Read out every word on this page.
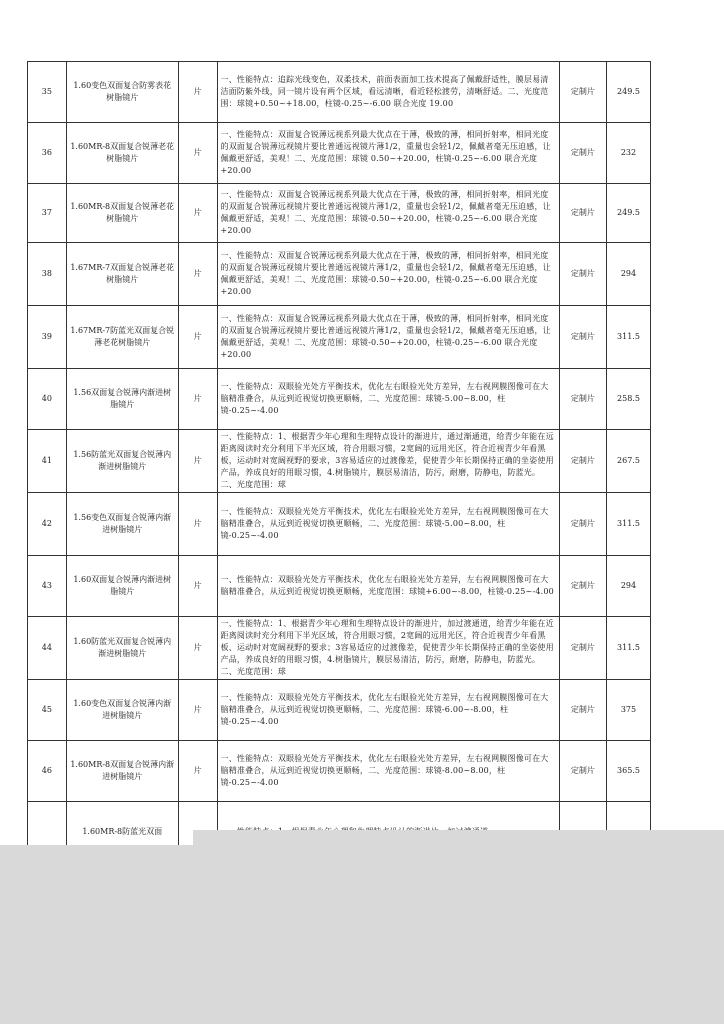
35	1.60变色双面复合防雾表花树脂镜片	片	一、性能特点：追踪光线变色，双柔技术，前面表面加工技术提高了佩戴舒适性，膜层易清洁面防紫外线，同一镜片设有两个区域，看远清晰，看近轻松渡劳，清晰舒适。二、光度范围：球镜+0.50~+18.00，柱镜-0.25~-6.00 联合光度 19.00	定制片	249.5

36	1.60MR-8双面复合锐薄老花树脂镜片	片	一、性能特点：双面复合锐薄远视系列最大优点在于薄，极致的薄，相同折射率，相同光度的双面复合锐薄远视镜片要比普通远视镜片薄1/2，重量也会轻1/2，佩戴者毫无压迫感，让佩戴更舒适，美观！二、光度范围：球镜 0.50~+20.00，柱镜-0.25~-6.00 联合光度+20.00	定制片	232

37	1.60MR-8双面复合锐薄老花树脂镜片	片	一、性能特点：双面复合锐薄远视系列最大优点在于薄，极致的薄，相同折射率，相同光度的双面复合锐薄远视镜片要比普通远视镜片薄1/2，重量也会轻1/2，佩戴者毫无压迫感，让佩戴更舒适，美观！二、光度范围：球镜-0.50~+20.00，柱镜-0.25~-6.00 联合光度+20.00	定制片	249.5

38	1.67MR-7双面复合锐薄老花树脂镜片	片	一、性能特点：双面复合锐薄远视系列最大优点在于薄，极致的薄，相同折射率，相同光度的双面复合锐薄远视镜片要比普通远视镜片薄1/2，重量也会轻1/2，佩戴者毫无压迫感，让佩戴更舒适，美观！二、光度范围：球镜-0.50~+20.00，柱镜-0.25~-6.00 联合光度+20.00	定制片	294

39	1.67MR-7防蓝光双面复合锐薄老花树脂镜片	片	一、性能特点：双面复合锐薄远视系列最大优点在于薄，极致的薄，相同折射率，相同光度的双面复合锐薄远视镜片要比普通远视镜片薄1/2，重量也会轻1/2，佩戴者毫无压迫感，让佩戴更舒适，美观！二、光度范围：球镜-0.50~+20.00，柱镜-0.25~-6.00 联合光度+20.00	定制片	311.5

40	1.56双面复合锐薄内渐进树脂镜片	片	一、性能特点：双眼验光处方平衡技术，优化左右眼验光处方差异，左右视网膜图像可在大脑精准叠合，从远到近视觉切换更顺畅，二、光度范围：球镜-5.00~8.00，柱镜-0.25~-4.00	定制片	258.5

41	1.56防蓝光双面复合锐薄内渐进树脂镜片	片	一、性能特点：1、根据青少年心理和生理特点设计的渐进片，通过渐通道，给青少年能在远距离阅读时充分利用下半光区域，符合用眼习惯，2宽阔的远用光区，符合近视青少年看黑板，运动时对宽阔视野的要求，3容易适应的过渡像差，促使青少年长期保持正确的坐姿使用产品，养成良好的用眼习惯，4.树脂镜片，膜层易清洁，防污，耐磨，防静电，防蓝光。二、光度范围：球	定制片	267.5

42	1.56变色双面复合锐薄内渐进树脂镜片	片	一、性能特点：双眼验光处方平衡技术，优化左右眼验光处方差异，左右视网膜图像可在大脑精准叠合，从远到近视觉切换更顺畅，二、光度范围：球镜-5.00~8.00，柱镜-0.25~-4.00	定制片	311.5

43	1.60双面复合锐薄内渐进树脂镜片	片	一、性能特点：双眼验光处方平衡技术，优化左右眼验光处方差异，左右视网膜图像可在大脑精准叠合，从远到近视觉切换更顺畅，光度范围：球镜+6.00~-8.00，柱镜-0.25~-4.00	定制片	294

44	1.60防蓝光双面复合锐薄内渐进树脂镜片	片	一、性能特点：1、根据青少年心理和生理特点设计的渐进片，加过渡通道，给青少年能在近距离阅读时充分利用下半光区域，符合用眼习惯，2宽阔的远用光区，符合近视青少年看黑板、运动时对宽阔视野的要求；3容易适应的过渡像差，促使青少年长期保持正确的坐姿使用产品，养成良好的用眼习惯，4.树脂镜片，膜层易清洁，防污，耐磨，防静电，防蓝光。二、光度范围：球	定制片	311.5

45	1.60变色双面复合锐薄内渐进树脂镜片	片	一、性能特点：双眼验光处方平衡技术，优化左右眼验光处方差异，左右视网膜图像可在大脑精准叠合，从远到近视觉切换更顺畅，二、光度范围：球镜-6.00~-8.00，柱镜-0.25~-4.00	定制片	375

46	1.60MR-8双面复合锐薄内渐进树脂镜片	片	一、性能特点：双眼验光处方平衡技术，优化左右眼验光处方差异，左右视网膜图像可在大脑精准叠合，从远到近视觉切换更顺畅，二、光度范围：球镜-8.00~8.00，柱镜-0.25~-4.00	定制片	365.5

	1.60MR-8防蓝光双面
